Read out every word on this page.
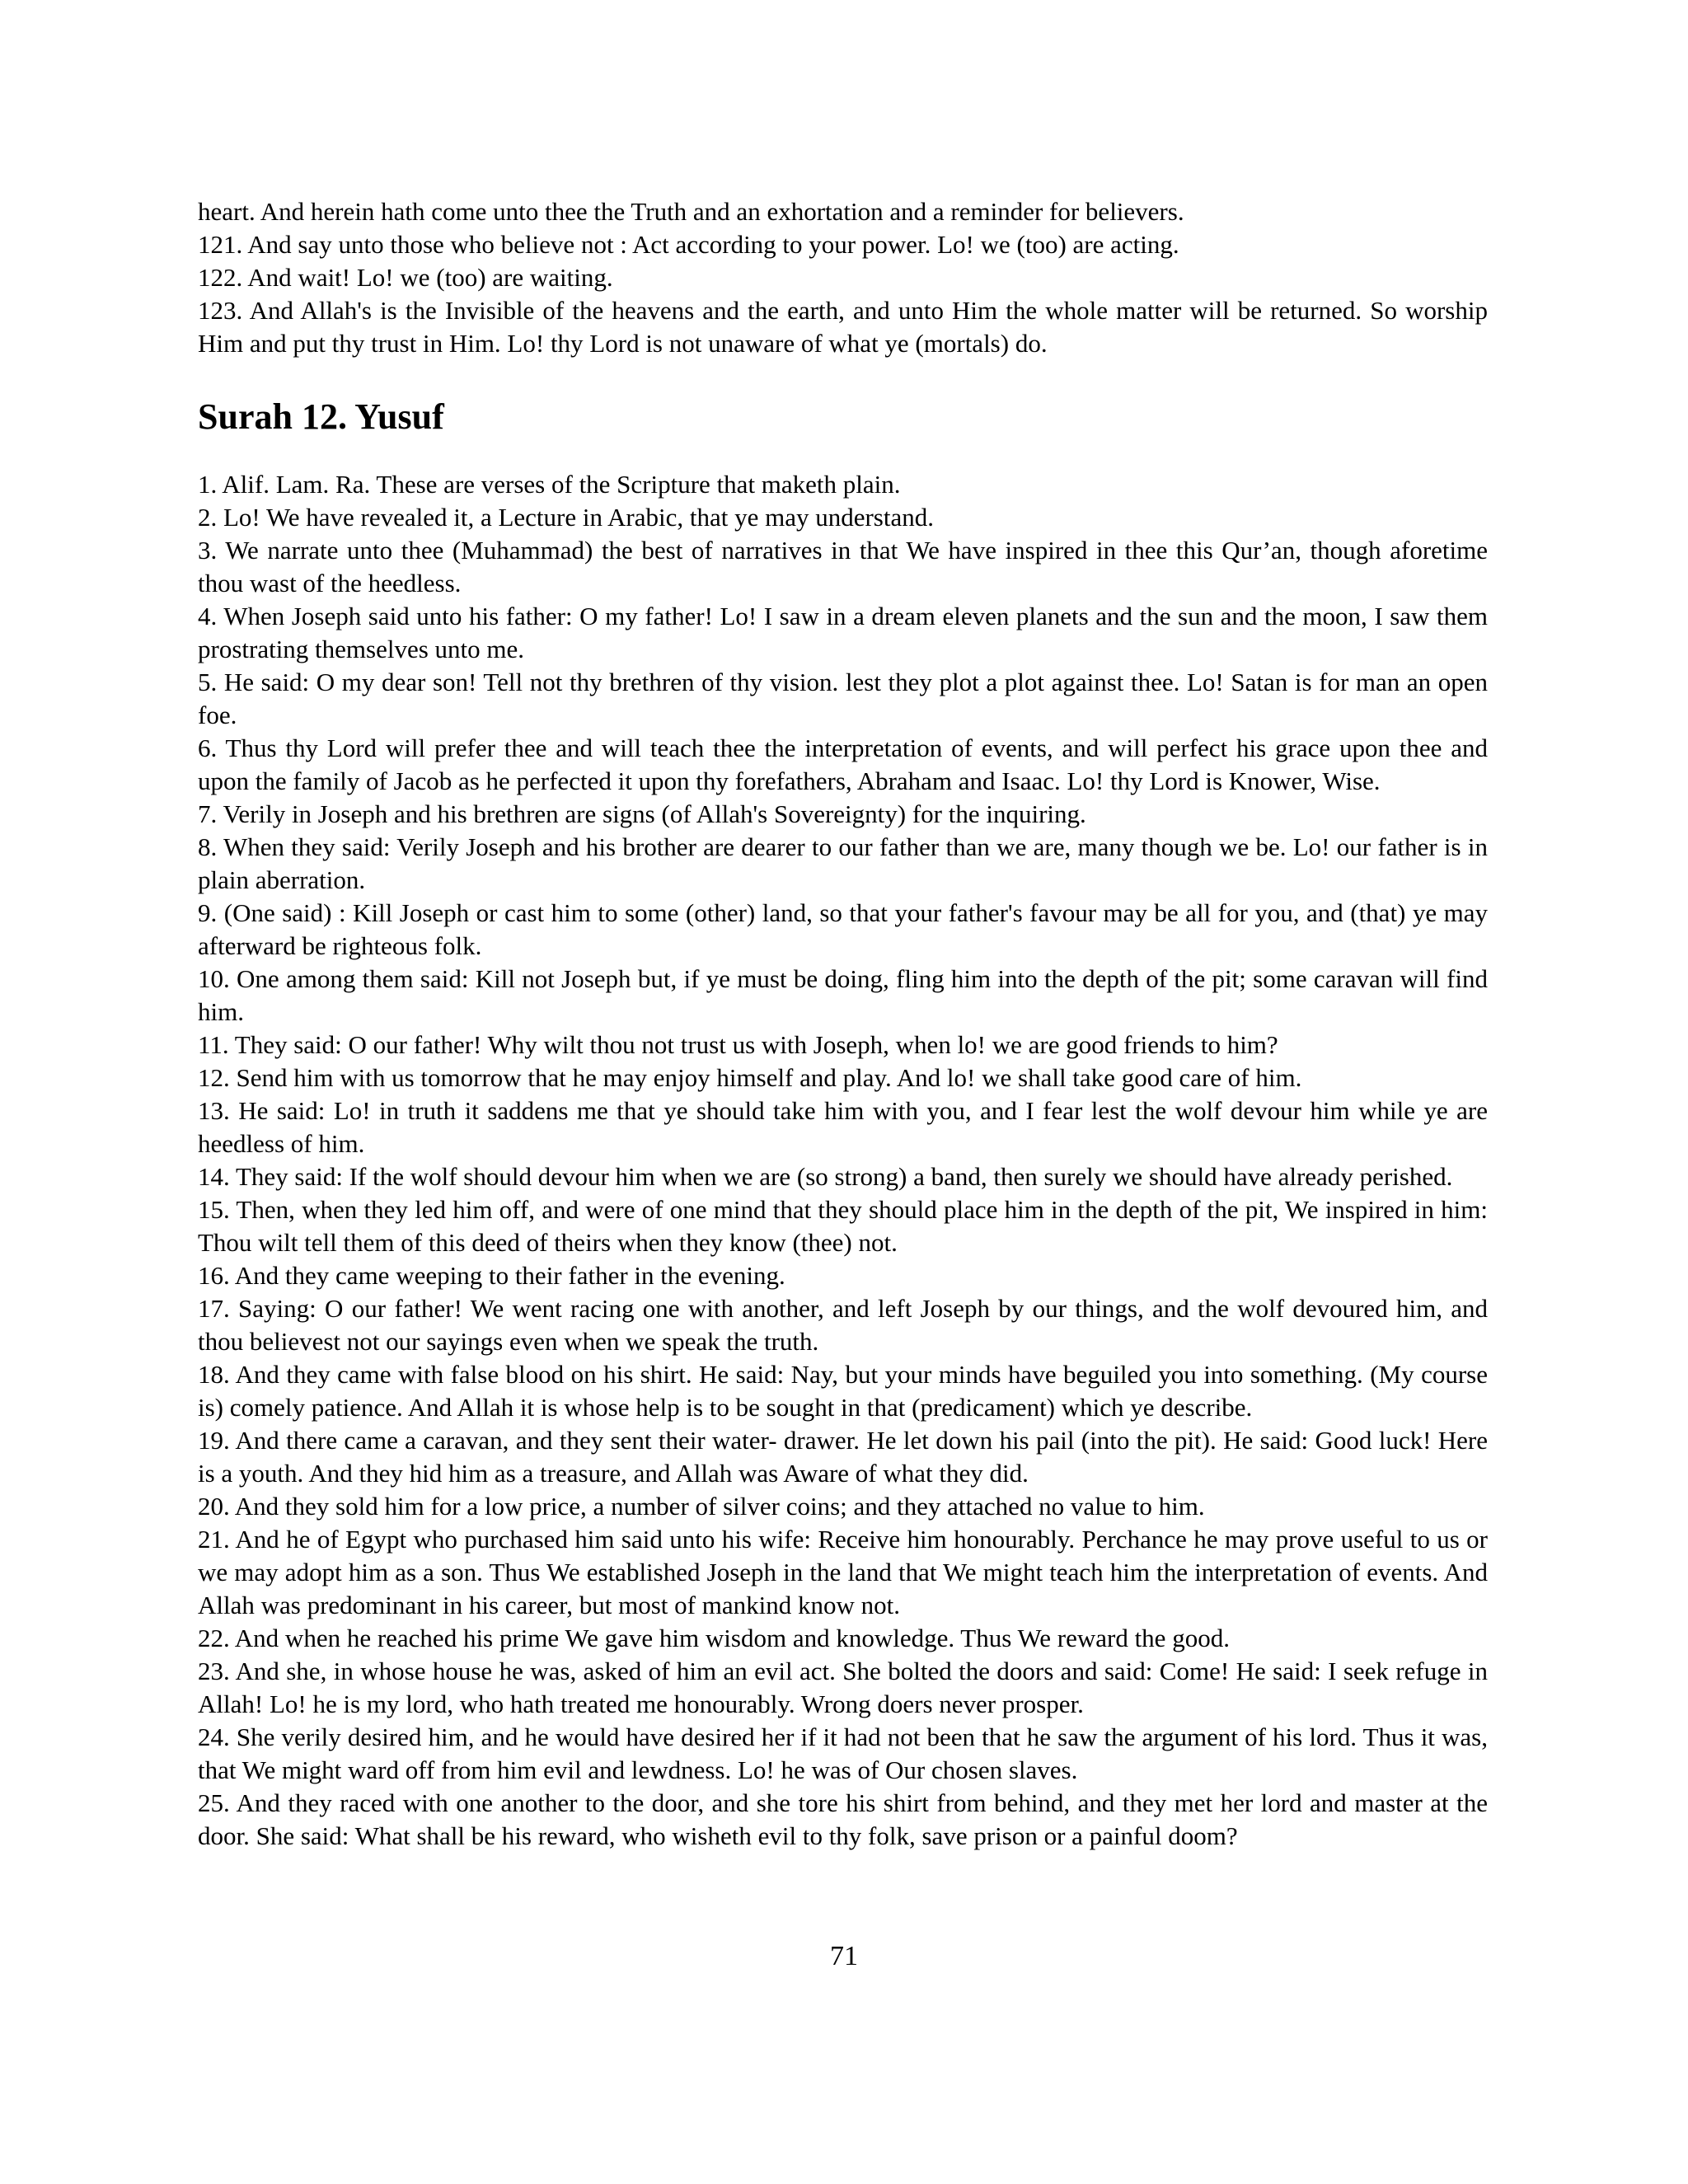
heart. And herein hath come unto thee the Truth and an exhortation and a reminder for believers.

121. And say unto those who believe not : Act according to your power. Lo! we (too) are acting.

122. And wait! Lo! we (too) are waiting.

123. And Allah's is the Invisible of the heavens and the earth, and unto Him the whole matter will be returned. So worship Him and put thy trust in Him. Lo! thy Lord is not unaware of what ye (mortals) do.

Surah 12. Yusuf

1. Alif. Lam. Ra. These are verses of the Scripture that maketh plain.

2. Lo! We have revealed it, a Lecture in Arabic, that ye may understand.

3. We narrate unto thee (Muhammad) the best of narratives in that We have inspired in thee this Qur’an, though aforetime thou wast of the heedless.

4. When Joseph said unto his father: O my father! Lo! I saw in a dream eleven planets and the sun and the moon, I saw them prostrating themselves unto me.

5. He said: O my dear son! Tell not thy brethren of thy vision. lest they plot a plot against thee. Lo! Satan is for man an open foe.

6. Thus thy Lord will prefer thee and will teach thee the interpretation of events, and will perfect his grace upon thee and upon the family of Jacob as he perfected it upon thy forefathers, Abraham and Isaac. Lo! thy Lord is Knower, Wise.

7. Verily in Joseph and his brethren are signs (of Allah's Sovereignty) for the inquiring.

8. When they said: Verily Joseph and his brother are dearer to our father than we are, many though we be. Lo! our father is in plain aberration.

9. (One said) : Kill Joseph or cast him to some (other) land, so that your father's favour may be all for you, and (that) ye may afterward be righteous folk.

10. One among them said: Kill not Joseph but, if ye must be doing, fling him into the depth of the pit; some caravan will find him.

11. They said: O our father! Why wilt thou not trust us with Joseph, when lo! we are good friends to him?

12. Send him with us tomorrow that he may enjoy himself and play. And lo! we shall take good care of him.

13. He said: Lo! in truth it saddens me that ye should take him with you, and I fear lest the wolf devour him while ye are heedless of him.

14. They said: If the wolf should devour him when we are (so strong) a band, then surely we should have already perished.

15. Then, when they led him off, and were of one mind that they should place him in the depth of the pit, We inspired in him: Thou wilt tell them of this deed of theirs when they know (thee) not.

16. And they came weeping to their father in the evening.

17. Saying: O our father! We went racing one with another, and left Joseph by our things, and the wolf devoured him, and thou believest not our sayings even when we speak the truth.

18. And they came with false blood on his shirt. He said: Nay, but your minds have beguiled you into something. (My course is) comely patience. And Allah it is whose help is to be sought in that (predicament) which ye describe.

19. And there came a caravan, and they sent their water- drawer. He let down his pail (into the pit). He said: Good luck! Here is a youth. And they hid him as a treasure, and Allah was Aware of what they did.

20. And they sold him for a low price, a number of silver coins; and they attached no value to him.

21. And he of Egypt who purchased him said unto his wife: Receive him honourably. Perchance he may prove useful to us or we may adopt him as a son. Thus We established Joseph in the land that We might teach him the interpretation of events. And Allah was predominant in his career, but most of mankind know not.

22. And when he reached his prime We gave him wisdom and knowledge. Thus We reward the good.

23. And she, in whose house he was, asked of him an evil act. She bolted the doors and said: Come! He said: I seek refuge in Allah! Lo! he is my lord, who hath treated me honourably. Wrong doers never prosper.

24. She verily desired him, and he would have desired her if it had not been that he saw the argument of his lord. Thus it was, that We might ward off from him evil and lewdness. Lo! he was of Our chosen slaves.

25. And they raced with one another to the door, and she tore his shirt from behind, and they met her lord and master at the door. She said: What shall be his reward, who wisheth evil to thy folk, save prison or a painful doom?

71
